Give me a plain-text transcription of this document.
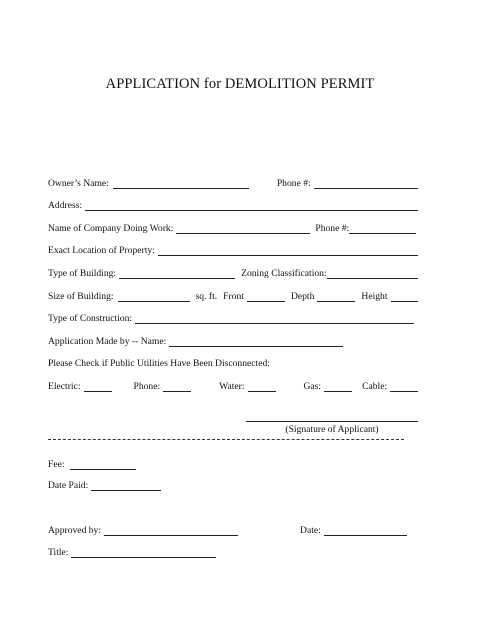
APPLICATION for DEMOLITION PERMIT
Owner’s Name:	Phone #:
Address:
Name of Company Doing Work:	Phone #:
Exact Location of Property:
Type of Building:	Zoning Classification:
Size of Building:	sq. ft. Front	Depth	Height
Type of Construction:
Application Made by -- Name:
Please Check if Public Utilities Have Been Disconnected:
Electric:	Phone:	Water:	Gas:	Cable:
(Signature of Applicant)
Fee:
Date Paid:
Approved by:	Date:
Title:
